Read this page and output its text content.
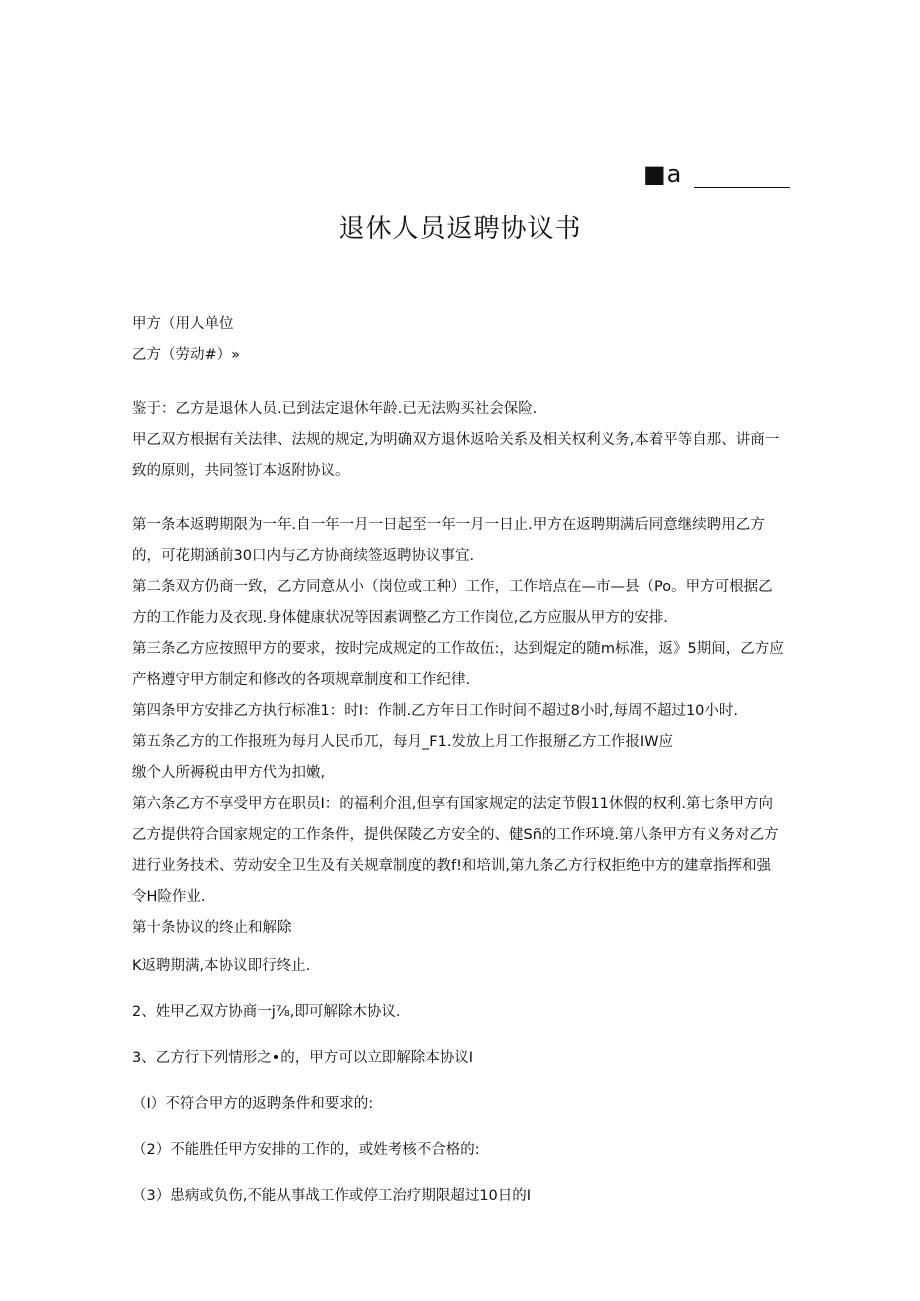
■a
退休人员返聘协议书

甲方（用人单位

乙方（劳动#）»

鉴于：乙方是退休人员.已到法定退休年龄.已无法购买社会保险.

甲乙双方根据有关法律、法规的规定,为明确双方退休返哈关系及相关权利义务,本着平等自那、讲商一

致的原则，共同签订本返附协议。

第一条本返聘期限为一年.自一年一月一日起至一年一月一日止.甲方在返聘期满后同意继续聘用乙方

的，可花期涵前30口内与乙方协商续签返聘协议事宜.

第二条双方仍商一致，乙方同意从小（岗位或工种）工作，工作培点在—市—县（Po。甲方可根据乙

方的工作能力及衣现.身体健康状况等因素调整乙方工作岗位,乙方应服从甲方的安排.

第三条乙方应按照甲方的要求，按时完成规定的工作故伍:，达到焜定的随m标准，返》5期间，乙方应

产格遵守甲方制定和修改的各项规章制度和工作纪律.

第四条甲方安排乙方执行标准1：时I：作制.乙方年日工作时间不超过8小时,每周不超过10小时.

第五条乙方的工作报班为每月人民币兀，每月_F1.发放上月工作报掰乙方工作报IW应

缴个人所褥税由甲方代为扣嫩,

第六条乙方不享受甲方在职员I：的福利介沮,但享有国家规定的法定节假11休假的权利.第七条甲方向

乙方提供符合国家规定的工作条件，提供保陵乙方安全的、健Sñ的工作环境.第八条甲方有义务对乙方

进行业务技术、劳动安全卫生及有关规章制度的教f!和培训,第九条乙方行权拒绝中方的建章指挥和强

令H险作业.

第十条协议的终止和解除

K返聘期满,本协议即行终止.

2、姓甲乙双方协商一j⅞,即可解除木协议.

3、乙方行下列情形之•的，甲方可以立即解除本协议I

（I）不符合甲方的返聘条件和要求的:

（2）不能胜任甲方安排的工作的，或姓考核不合格的:

（3）患病或负伤,不能从事战工作或停工治疗期限超过10日的I
